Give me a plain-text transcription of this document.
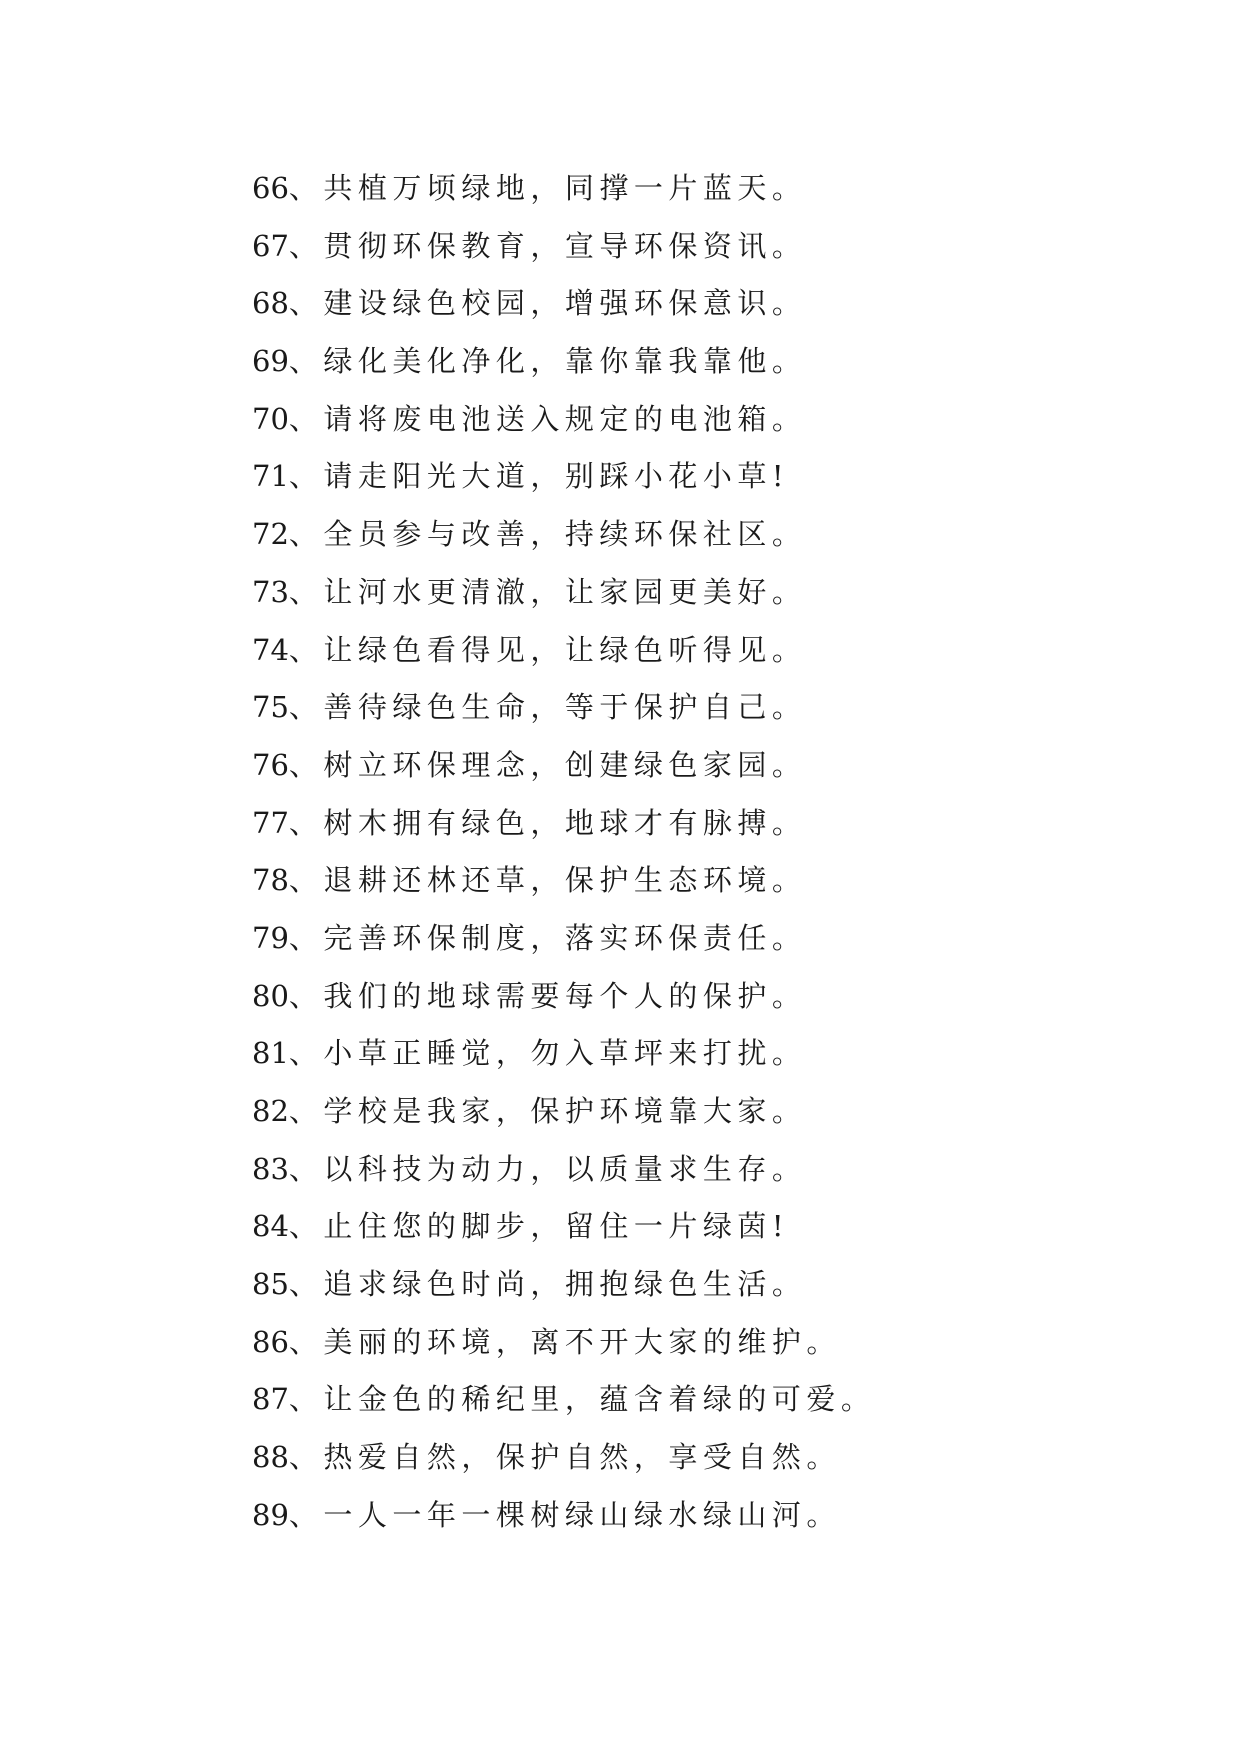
66、共植万顷绿地，同撑一片蓝天。
67、贯彻环保教育，宣导环保资讯。
68、建设绿色校园，增强环保意识。
69、绿化美化净化，靠你靠我靠他。
70、请将废电池送入规定的电池箱。
71、请走阳光大道，别踩小花小草!
72、全员参与改善，持续环保社区。
73、让河水更清澈，让家园更美好。
74、让绿色看得见，让绿色听得见。
75、善待绿色生命，等于保护自己。
76、树立环保理念，创建绿色家园。
77、树木拥有绿色，地球才有脉搏。
78、退耕还林还草，保护生态环境。
79、完善环保制度，落实环保责任。
80、我们的地球需要每个人的保护。
81、小草正睡觉，勿入草坪来打扰。
82、学校是我家，保护环境靠大家。
83、以科技为动力，以质量求生存。
84、止住您的脚步，留住一片绿茵!
85、追求绿色时尚，拥抱绿色生活。
86、美丽的环境，离不开大家的维护。
87、让金色的稀纪里，蕴含着绿的可爱。
88、热爱自然，保护自然，享受自然。
89、一人一年一棵树绿山绿水绿山河。
